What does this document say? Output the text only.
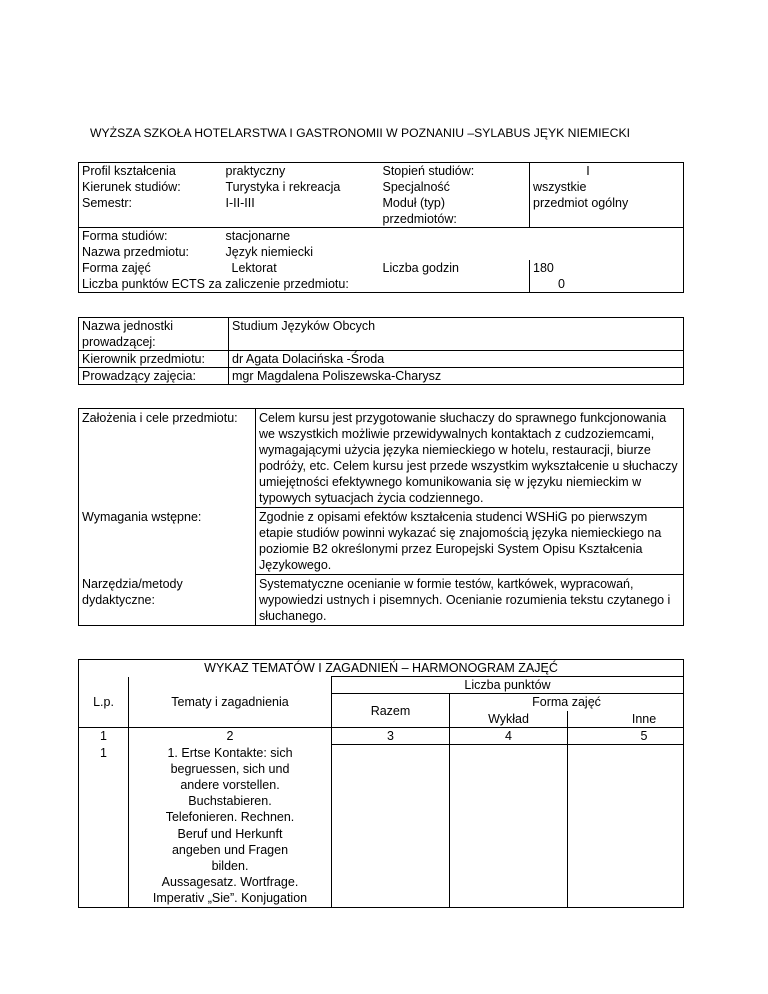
WYŻSZA SZKOŁA HOTELARSTWA I GASTRONOMII W POZNANIU –SYLABUS JĘYK NIEMIECKI
Profil kształcenia	praktyczny	Stopień studiów:	I
Kierunek studiów:	Turystyka i rekreacja	Specjalność	wszystkie
Semestr:	I-II-III	Moduł (typ) przedmiotów:	przedmiot ogólny
Forma studiów:	stacjonarne		
Nazwa przedmiotu:	Język niemiecki		
Forma zajęć	Lektorat	Liczba godzin	180
Liczba punktów ECTS za zaliczenie przedmiotu:			0
Nazwa jednostki prowadzącej:	Studium Języków Obcych
Kierownik przedmiotu:	dr Agata Dolacińska -Środa
Prowadzący zajęcia:	mgr Magdalena Poliszewska-Charysz
Założenia i cele przedmiotu:	Celem kursu jest przygotowanie słuchaczy do sprawnego funkcjonowania we wszystkich możliwie przewidywalnych kontaktach z cudzoziemcami, wymagającymi użycia języka niemieckiego w hotelu, restauracji, biurze podróży, etc. Celem kursu jest przede wszystkim wykształcenie u słuchaczy umiejętności efektywnego komunikowania się w języku niemieckim w typowych sytuacjach życia codziennego.
Wymagania wstępne:	Zgodnie z opisami efektów kształcenia studenci WSHiG po pierwszym etapie studiów powinni wykazać się znajomością języka niemieckiego na poziomie B2 określonymi przez Europejski System Opisu Kształcenia Językowego.
Narzędzia/metody dydaktyczne:	Systematyczne ocenianie w formie testów, kartkówek, wypracowań, wypowiedzi ustnych i pisemnych. Ocenianie rozumienia tekstu czytanego i słuchanego.
WYKAZ TEMATÓW I ZAGADNIEŃ – HARMONOGRAM ZAJĘĆ				
L.p.	Tematy i zagadnienia	Liczba punktów		
		Razem	Forma zajęć	
			Wykład	Inne
1	2	3	4	5
1	1. Ertse Kontakte: sich begruessen, sich und andere vorstellen. Buchstabieren. Telefonieren. Rechnen. Beruf und Herkunft angeben und Fragen bilden.
Aussagesatz. Wortfrage. Imperativ „Sie”. Konjugation			
